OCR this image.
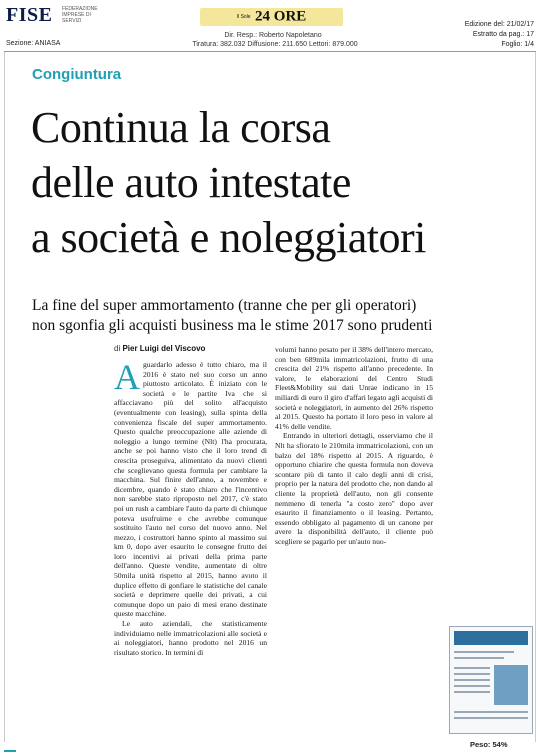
FISE FEDERAZIONE IMPRESE DI SERVIZI
Sezione: ANIASA
Il Sole 24 ORE
Dir. Resp.: Roberto Napoletano
Tiratura: 382.032 Diffusione: 211.650 Lettori: 879.000
Edizione del: 21/02/17
Estratto da pag.: 17
Foglio: 1/4
Congiuntura
Continua la corsa
delle auto intestate
a società e noleggiatori
La fine del super ammortamento (tranne che per gli operatori)
non sgonfia gli acquisti business ma le stime 2017 sono prudenti
di Pier Luigi del Viscovo
A guardarlo adesso è tutto chiaro, ma il 2016 è stato nel suo corso un anno piuttosto articolato. È iniziato con le società e le partite Iva che si affacciavano più del solito all'acquisto (eventualmente con leasing), sulla spinta della convenienza fiscale del super ammortamento. Questo qualche preoccupazione alle aziende di noleggio a lungo termine (Nlt) l'ha procurata, anche se poi hanno visto che il loro trend di crescita proseguiva, alimentato da nuovi clienti che sceglievano questa formula per cambiare la macchina. Sul finire dell'anno, a novembre e dicembre, quando è stato chiaro che l'incentivo non sarebbe stato riproposto nel 2017, c'è stato poi un rush a cambiare l'auto da parte di chiunque poteva usufruirne e che avrebbe comunque sostituito l'auto nel corso del nuovo anno. Nel mezzo, i costruttori hanno spinto al massimo sui km 0, dopo aver esaurito le consegne frutto dei loro incentivi ai privati della prima parte dell'anno. Queste vendite, aumentate di oltre 50mila unità rispetto al 2015, hanno avuto il duplice effetto di gonfiare le statistiche del canale società e deprimere quelle dei privati, a cui comunque dopo un paio di mesi erano destinate queste macchine.

Le auto aziendali, che statisticamente individuiamo nelle immatricolazioni alle società e ai noleggiatori, hanno prodotto nel 2016 un risultato storico. In termini di

volumi hanno pesato per il 38% dell'intero mercato, con ben 689mila immatricolazioni, frutto di una crescita del 21% rispetto all'anno precedente. In valore, le elaborazioni del Centro Studi Fleet&Mobility sui dati Unrae indicano in 15 miliardi di euro il giro d'affari legato agli acquisti di società e noleggiatori, in aumento del 26% rispetto al 2015. Questo ha portato il loro peso in valore al 41% delle vendite.

Entrando in ulteriori dettagli, osserviamo che il Nlt ha sfiorato le 210mila immatricolazioni, con un balzo del 18% rispetto al 2015. A riguardo, è opportuno chiarire che questa formula non doveva scontare più di tanto il calo degli anni di crisi, proprio per la natura del prodotto che, non dando al cliente la proprietà dell'auto, non gli consente nemmeno di tenerla "a costo zero" dopo aver esaurito il finanziamento o il leasing. Pertanto, essendo obbligato al pagamento di un canone per avere la disponibilità dell'auto, il cliente può scegliere se pagarlo per un'auto nuo-

Peso: 54%
